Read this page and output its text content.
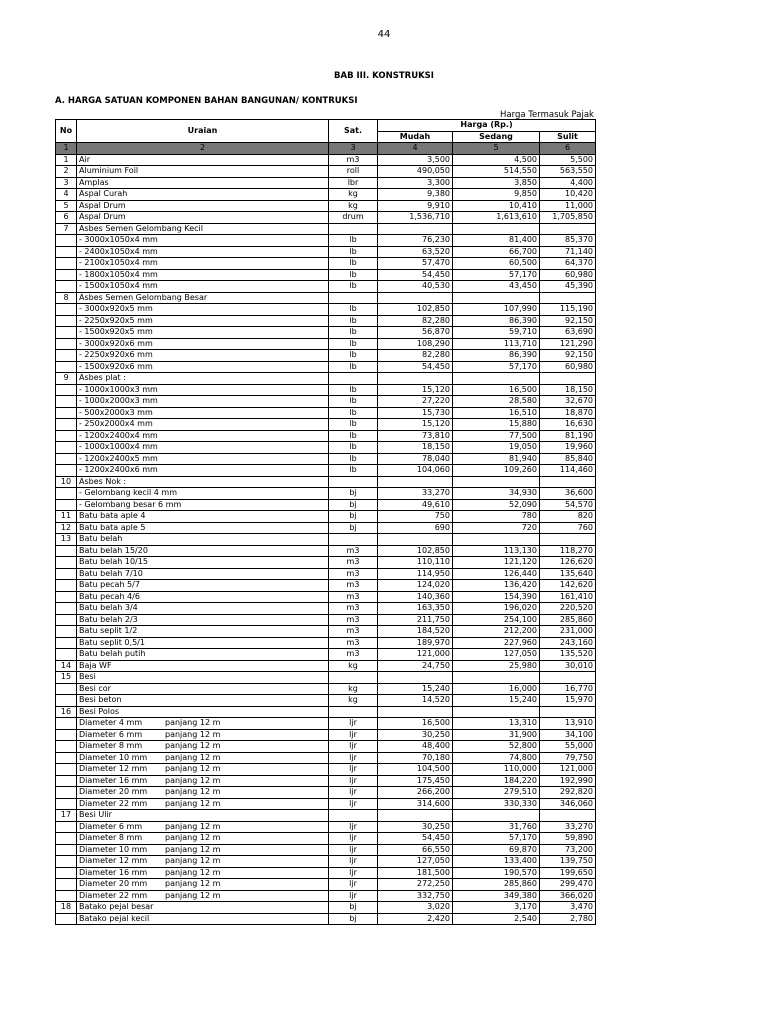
44
BAB III. KONSTRUKSI
A. HARGA SATUAN KOMPONEN BAHAN BANGUNAN/ KONTRUKSI
Harga Termasuk Pajak
No	Uraian	Sat.	Harga (Rp.)		
			Mudah	Sedang	Sulit
1	2	3	4	5	6
1	Air	m3	3,500	4,500	5,500
2	Aluminium Foil	roll	490,050	514,550	563,550
3	Amplas	lbr	3,300	3,850	4,400
4	Aspal Curah	kg	9,380	9,850	10,420
5	Aspal Drum	kg	9,910	10,410	11,000
6	Aspal Drum	drum	1,536,710	1,613,610	1,705,850
7	Asbes Semen Gelombang Kecil				
	- 3000x1050x4 mm	lb	76,230	81,400	85,370
	- 2400x1050x4 mm	lb	63,520	66,700	71,140
	- 2100x1050x4 mm	lb	57,470	60,500	64,370
	- 1800x1050x4 mm	lb	54,450	57,170	60,980
	- 1500x1050x4 mm	lb	40,530	43,450	45,390
8	Asbes Semen Gelombang Besar				
	- 3000x920x5 mm	lb	102,850	107,990	115,190
	- 2250x920x5 mm	lb	82,280	86,390	92,150
	- 1500x920x5 mm	lb	56,870	59,710	63,690
	- 3000x920x6 mm	lb	108,290	113,710	121,290
	- 2250x920x6 mm	lb	82,280	86,390	92,150
	- 1500x920x6 mm	lb	54,450	57,170	60,980
9	Asbes plat :				
	- 1000x1000x3 mm	lb	15,120	16,500	18,150
	- 1000x2000x3 mm	lb	27,220	28,580	32,670
	- 500x2000x3 mm	lb	15,730	16,510	18,870
	- 250x2000x4 mm	lb	15,120	15,880	16,630
	- 1200x2400x4 mm	lb	73,810	77,500	81,190
	- 1000x1000x4 mm	lb	18,150	19,050	19,960
	- 1200x2400x5 mm	lb	78,040	81,940	85,840
	- 1200x2400x6 mm	lb	104,060	109,260	114,460
10	Asbes Nok :				
	- Gelombang kecil 4 mm	bj	33,270	34,930	36,600
	- Gelombang besar 6 mm	bj	49,610	52,090	54,570
11	Batu bata aple 4	bj	750	780	820
12	Batu bata aple 5	bj	690	720	760
13	Batu belah				
	Batu belah 15/20	m3	102,850	113,130	118,270
	Batu belah 10/15	m3	110,110	121,120	126,620
	Batu belah 7/10	m3	114,950	126,440	135,640
	Batu pecah 5/7	m3	124,020	136,420	142,620
	Batu pecah 4/6	m3	140,360	154,390	161,410
	Batu belah 3/4	m3	163,350	196,020	220,520
	Batu belah 2/3	m3	211,750	254,100	285,860
	Batu seplit 1/2	m3	184,520	212,200	231,000
	Batu seplit 0,5/1	m3	189,970	227,960	243,160
	Batu belah putih	m3	121,000	127,050	135,520
14	Baja WF	kg	24,750	25,980	30,010
15	Besi				
	Besi cor	kg	15,240	16,000	16,770
	Besi beton	kg	14,520	15,240	15,970
16	Besi Polos				
	Diameter 4 mm panjang 12 m	ljr	16,500	13,310	13,910
	Diameter 6 mm panjang 12 m	ljr	30,250	31,900	34,100
	Diameter 8 mm panjang 12 m	ljr	48,400	52,800	55,000
	Diameter 10 mm panjang 12 m	ljr	70,180	74,800	79,750
	Diameter 12 mm panjang 12 m	ljr	104,500	110,000	121,000
	Diameter 16 mm panjang 12 m	ljr	175,450	184,220	192,990
	Diameter 20 mm panjang 12 m	ljr	266,200	279,510	292,820
	Diameter 22 mm panjang 12 m	ljr	314,600	330,330	346,060
17	Besi Ulir				
	Diameter 6 mm panjang 12 m	ljr	30,250	31,760	33,270
	Diameter 8 mm panjang 12 m	ljr	54,450	57,170	59,890
	Diameter 10 mm panjang 12 m	ljr	66,550	69,870	73,200
	Diameter 12 mm panjang 12 m	ljr	127,050	133,400	139,750
	Diameter 16 mm panjang 12 m	ljr	181,500	190,570	199,650
	Diameter 20 mm panjang 12 m	ljr	272,250	285,860	299,470
	Diameter 22 mm panjang 12 m	ljr	332,750	349,380	366,020
18	Batako pejal besar	bj	3,020	3,170	3,470
	Batako pejal kecil	bj	2,420	2,540	2,780
